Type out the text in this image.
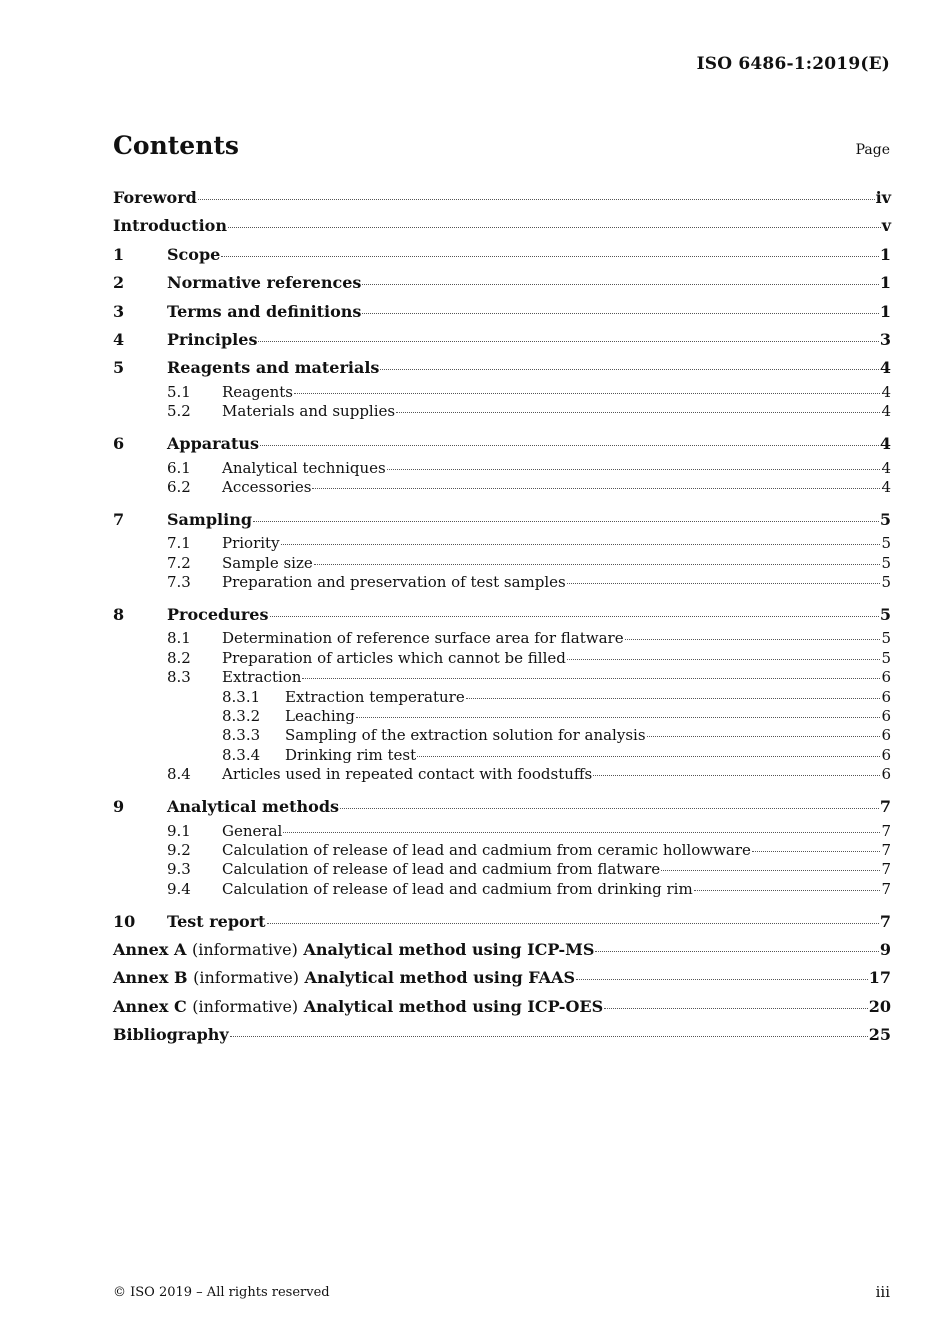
ISO 6486-1:2019(E)
Contents	Page
Foreword	iv
Introduction	v
1	Scope	1
2	Normative references	1
3	Terms and definitions	1
4	Principles	3
5	Reagents and materials	4
5.1	Reagents	4
5.2	Materials and supplies	4
6	Apparatus	4
6.1	Analytical techniques	4
6.2	Accessories	4
7	Sampling	5
7.1	Priority	5
7.2	Sample size	5
7.3	Preparation and preservation of test samples	5
8	Procedures	5
8.1	Determination of reference surface area for flatware	5
8.2	Preparation of articles which cannot be filled	5
8.3	Extraction	6
8.3.1	Extraction temperature	6
8.3.2	Leaching	6
8.3.3	Sampling of the extraction solution for analysis	6
8.3.4	Drinking rim test	6
8.4	Articles used in repeated contact with foodstuffs	6
9	Analytical methods	7
9.1	General	7
9.2	Calculation of release of lead and cadmium from ceramic hollowware	7
9.3	Calculation of release of lead and cadmium from flatware	7
9.4	Calculation of release of lead and cadmium from drinking rim	7
10	Test report	7
Annex A (informative) Analytical method using ICP-MS	9
Annex B (informative) Analytical method using FAAS	17
Annex C (informative) Analytical method using ICP-OES	20
Bibliography	25
© ISO 2019 – All rights reserved	iii
